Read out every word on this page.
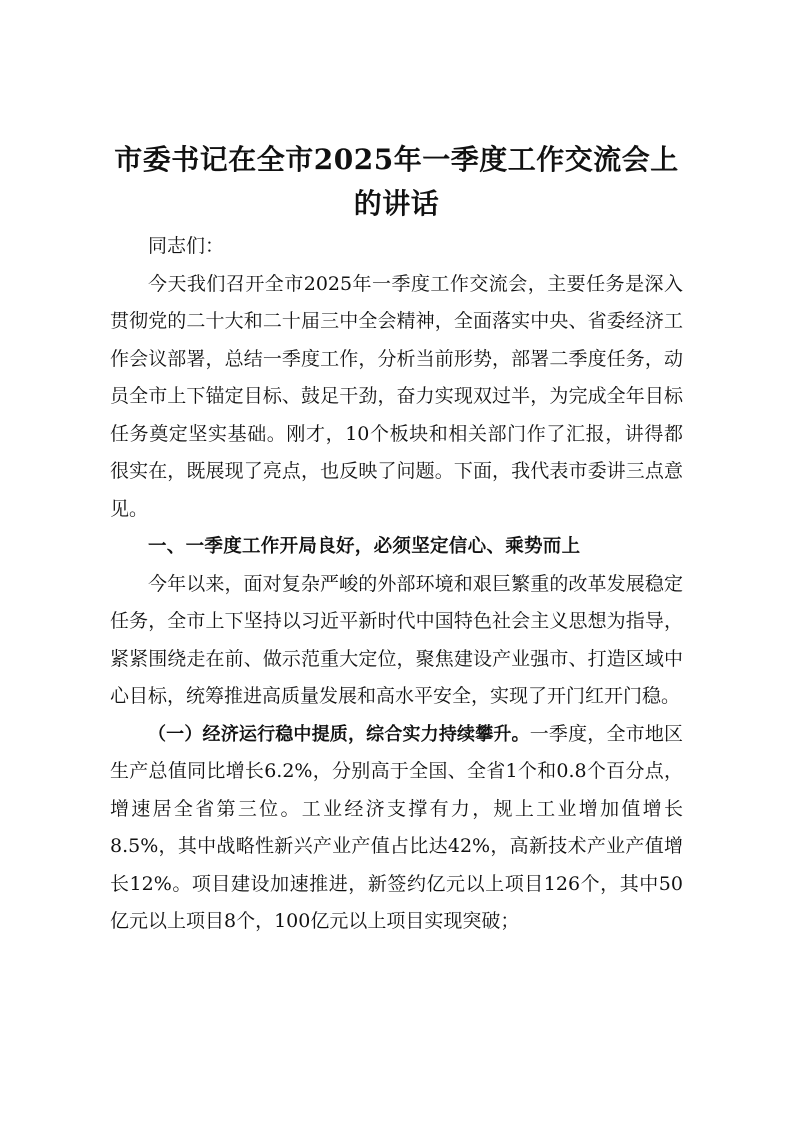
市委书记在全市2025年一季度工作交流会上的讲话

同志们：

今天我们召开全市2025年一季度工作交流会，主要任务是深入贯彻党的二十大和二十届三中全会精神，全面落实中央、省委经济工作会议部署，总结一季度工作，分析当前形势，部署二季度任务，动员全市上下锚定目标、鼓足干劲，奋力实现双过半，为完成全年目标任务奠定坚实基础。刚才，10个板块和相关部门作了汇报，讲得都很实在，既展现了亮点，也反映了问题。下面，我代表市委讲三点意见。

一、一季度工作开局良好，必须坚定信心、乘势而上

今年以来，面对复杂严峻的外部环境和艰巨繁重的改革发展稳定任务，全市上下坚持以习近平新时代中国特色社会主义思想为指导，紧紧围绕走在前、做示范重大定位，聚焦建设产业强市、打造区域中心目标，统筹推进高质量发展和高水平安全，实现了开门红开门稳。

（一）经济运行稳中提质，综合实力持续攀升。一季度，全市地区生产总值同比增长6.2%，分别高于全国、全省1个和0.8个百分点，增速居全省第三位。工业经济支撑有力，规上工业增加值增长8.5%，其中战略性新兴产业产值占比达42%，高新技术产业产值增长12%。项目建设加速推进，新签约亿元以上项目126个，其中50亿元以上项目8个，100亿元以上项目实现突破；
